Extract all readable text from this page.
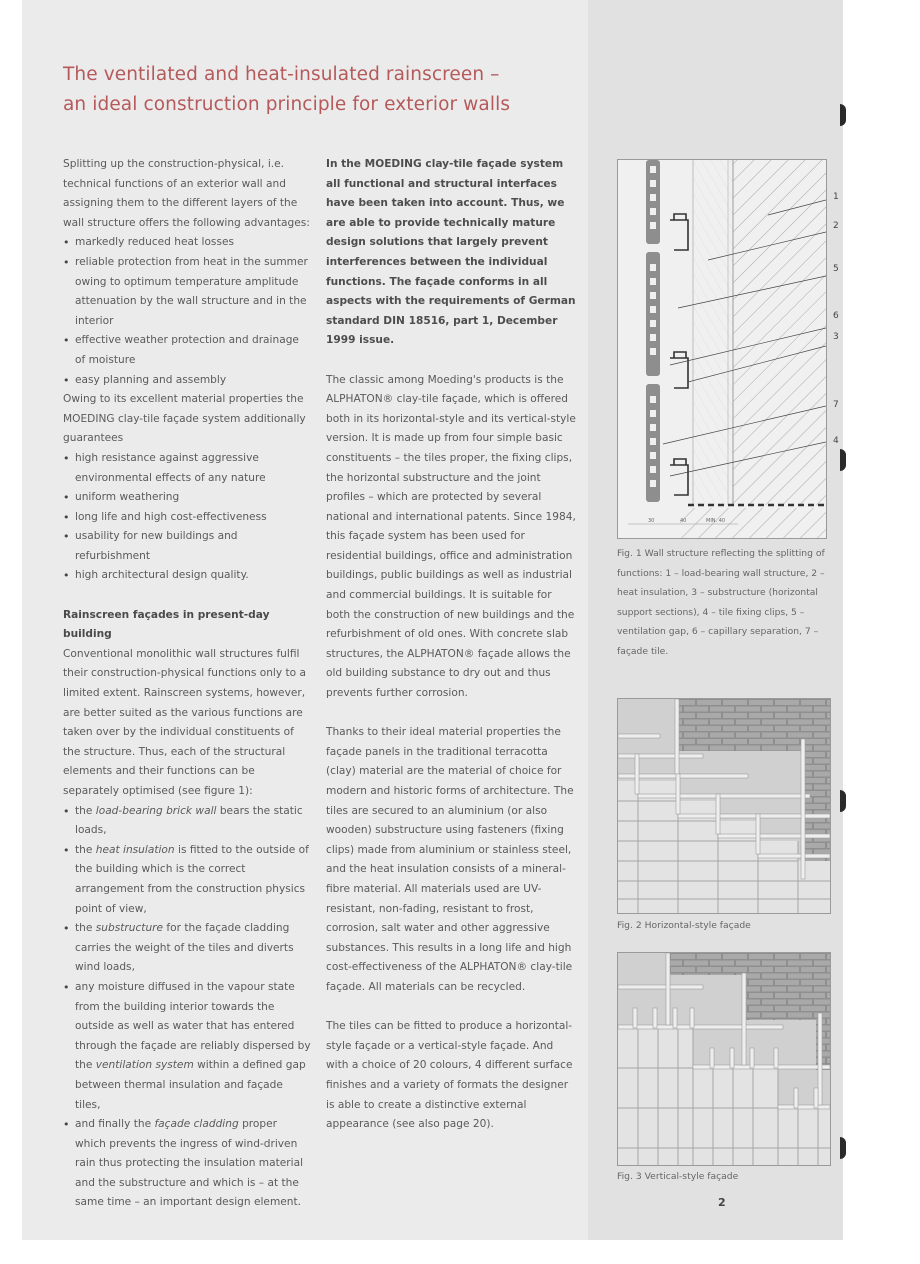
The ventilated and heat-insulated rainscreen –
an ideal construction principle for exterior walls

Splitting up the construction-physical, i.e. technical functions of an exterior wall and assigning them to the different layers of the wall structure offers the following advantages:

• markedly reduced heat losses
• reliable protection from heat in the summer owing to optimum temperature amplitude attenuation by the wall structure and in the interior
• effective weather protection and drainage of moisture
• easy planning and assembly

Owing to its excellent material properties the MOEDING clay-tile façade system additionally guarantees

• high resistance against aggressive environmental effects of any nature
• uniform weathering
• long life and high cost-effectiveness
• usability for new buildings and refurbishment
• high architectural design quality.

Rainscreen façades in present-day building

Conventional monolithic wall structures fulfil their construction-physical functions only to a limited extent. Rainscreen systems, however, are better suited as the various functions are taken over by the individual constituents of the structure. Thus, each of the structural elements and their functions can be separately optimised (see figure 1):

• the load-bearing brick wall bears the static loads,
• the heat insulation is fitted to the outside of the building which is the correct arrangement from the construction physics point of view,
• the substructure for the façade cladding carries the weight of the tiles and diverts wind loads,
• any moisture diffused in the vapour state from the building interior towards the outside as well as water that has entered through the façade are reliably dispersed by the ventilation system within a defined gap between thermal insulation and façade tiles,
• and finally the façade cladding proper which prevents the ingress of wind-driven rain thus protecting the insulation material and the substructure and which is – at the same time – an important design element.

In the MOEDING clay-tile façade system all functional and structural interfaces have been taken into account. Thus, we are able to provide technically mature design solutions that largely prevent interferences between the individual functions. The façade conforms in all aspects with the requirements of German standard DIN 18516, part 1, December 1999 issue.

The classic among Moeding's products is the ALPHATON® clay-tile façade, which is offered both in its horizontal-style and its vertical-style version. It is made up from four simple basic constituents – the tiles proper, the fixing clips, the horizontal substructure and the joint profiles – which are protected by several national and international patents. Since 1984, this façade system has been used for residential buildings, office and administration buildings, public buildings as well as industrial and commercial buildings. It is suitable for both the construction of new buildings and the refurbishment of old ones. With concrete slab structures, the ALPHATON® façade allows the old building substance to dry out and thus prevents further corrosion.

Thanks to their ideal material properties the façade panels in the traditional terracotta (clay) material are the material of choice for modern and historic forms of architecture. The tiles are secured to an aluminium (or also wooden) substructure using fasteners (fixing clips) made from aluminium or stainless steel, and the heat insulation consists of a mineral-fibre material. All materials used are UV-resistant, non-fading, resistant to frost, corrosion, salt water and other aggressive substances. This results in a long life and high cost-effectiveness of the ALPHATON® clay-tile façade. All materials can be recycled.

The tiles can be fitted to produce a horizontal-style façade or a vertical-style façade. And with a choice of 20 colours, 4 different surface finishes and a variety of formats the designer is able to create a distinctive external appearance (see also page 20).

30	40	MIN. 40
1
2
5
6
3
7
4
Fig. 1 Wall structure reflecting the splitting of functions: 1 – load-bearing wall structure, 2 – heat insulation, 3 – substructure (horizontal support sections), 4 – tile fixing clips, 5 – ventilation gap, 6 – capillary separation, 7 – façade tile.
Fig. 2 Horizontal-style façade
Fig. 3 Vertical-style façade
2
